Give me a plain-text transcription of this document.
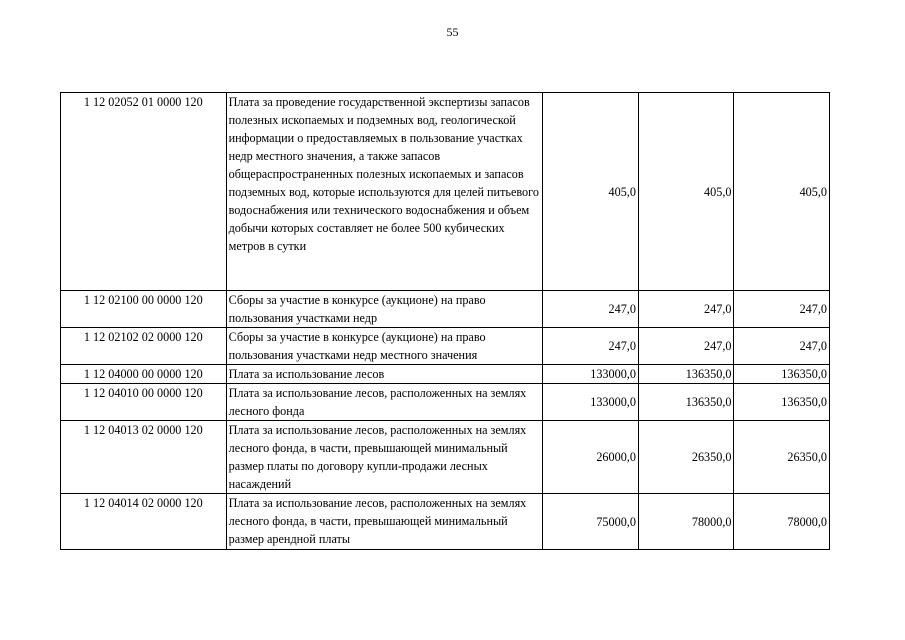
55
1 12 02052 01 0000 120	Плата за проведение государственной экспертизы запасов полезных ископаемых и подземных вод, геологической информации о предоставляемых в пользование участках недр местного значения, а также запасов общераспространенных полезных ископаемых и запасов подземных вод, которые используются для целей питьевого водоснабжения или технического водоснабжения и объем добычи которых составляет не более 500 кубических метров в сутки	405,0	405,0	405,0
1 12 02100 00 0000 120	Сборы за участие в конкурсе (аукционе) на право пользования участками недр	247,0	247,0	247,0
1 12 02102 02 0000 120	Сборы за участие в конкурсе (аукционе) на право пользования участками недр местного значения	247,0	247,0	247,0
1 12 04000 00 0000 120	Плата за использование лесов	133000,0	136350,0	136350,0
1 12 04010 00 0000 120	Плата за использование лесов, расположенных на землях лесного фонда	133000,0	136350,0	136350,0
1 12 04013 02 0000 120	Плата за использование лесов, расположенных на землях лесного фонда, в части, превышающей минимальный размер платы по договору купли-продажи лесных насаждений	26000,0	26350,0	26350,0
1 12 04014 02 0000 120	Плата за использование лесов, расположенных на землях лесного фонда, в части, превышающей минимальный размер арендной платы	75000,0	78000,0	78000,0
